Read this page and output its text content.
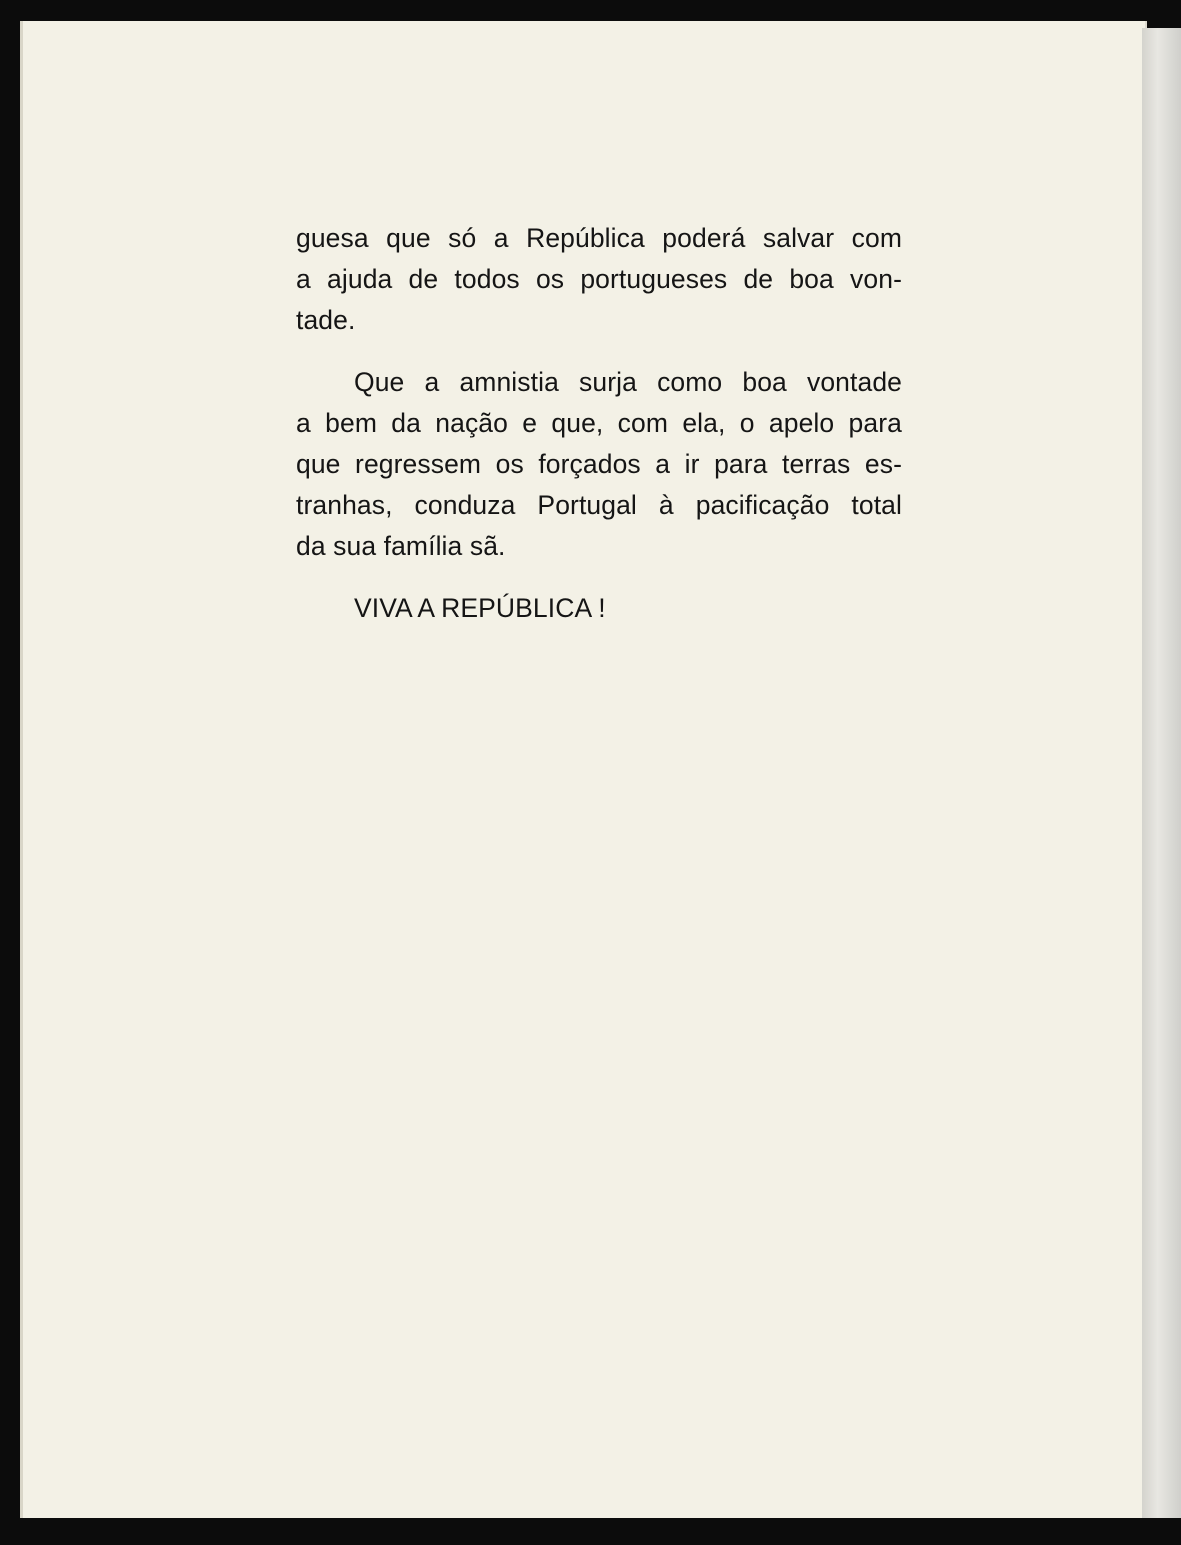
guesa que só a República poderá salvar com
a ajuda de todos os portugueses de boa von-
tade.

Que a amnistia surja como boa vontade
a bem da nação e que, com ela, o apelo para
que regressem os forçados a ir para terras es-
tranhas, conduza Portugal à pacificação total
da sua família sã.

VIVA A REPÚBLICA !
